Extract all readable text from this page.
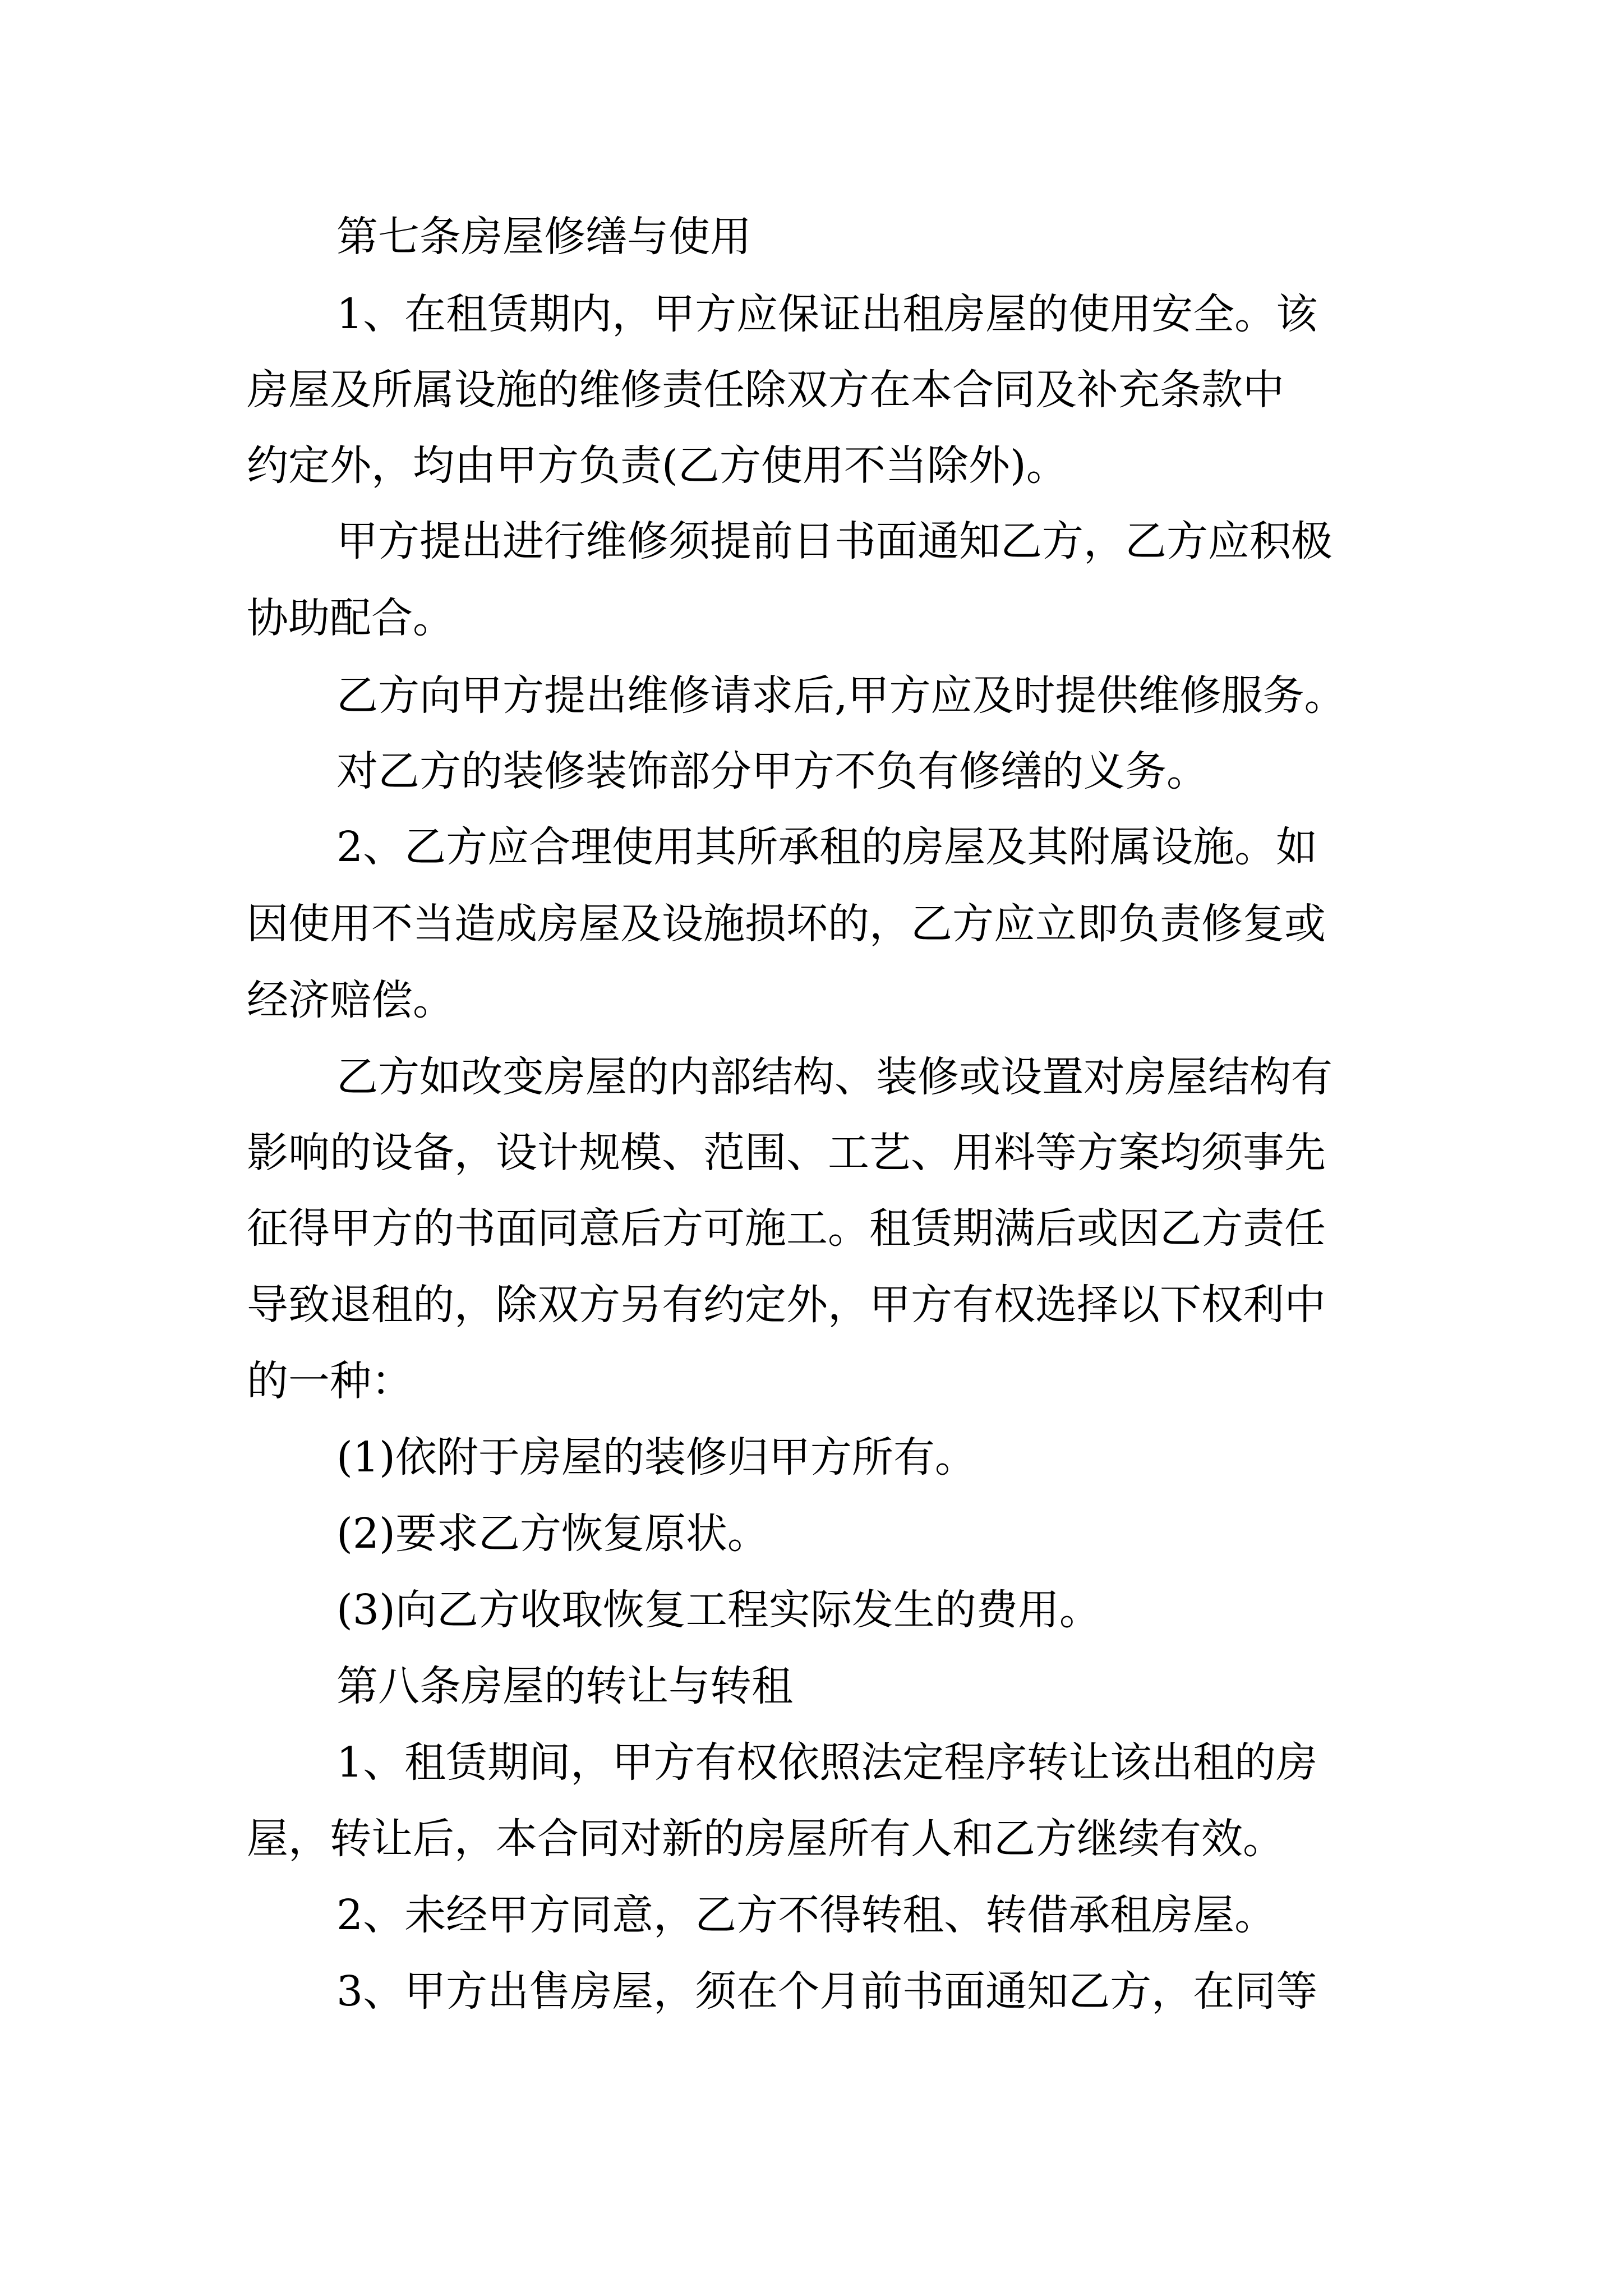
第七条房屋修缮与使用

1、在租赁期内，甲方应保证出租房屋的使用安全。该

房屋及所属设施的维修责任除双方在本合同及补充条款中

约定外，均由甲方负责(乙方使用不当除外)。

甲方提出进行维修须提前日书面通知乙方，乙方应积极

协助配合。

乙方向甲方提出维修请求后,甲方应及时提供维修服务。

对乙方的装修装饰部分甲方不负有修缮的义务。

2、乙方应合理使用其所承租的房屋及其附属设施。如

因使用不当造成房屋及设施损坏的，乙方应立即负责修复或

经济赔偿。

乙方如改变房屋的内部结构、装修或设置对房屋结构有

影响的设备，设计规模、范围、工艺、用料等方案均须事先

征得甲方的书面同意后方可施工。租赁期满后或因乙方责任

导致退租的，除双方另有约定外，甲方有权选择以下权利中

的一种：

(1)依附于房屋的装修归甲方所有。

(2)要求乙方恢复原状。

(3)向乙方收取恢复工程实际发生的费用。

第八条房屋的转让与转租

1、租赁期间，甲方有权依照法定程序转让该出租的房

屋，转让后，本合同对新的房屋所有人和乙方继续有效。

2、未经甲方同意，乙方不得转租、转借承租房屋。

3、甲方出售房屋，须在个月前书面通知乙方，在同等
